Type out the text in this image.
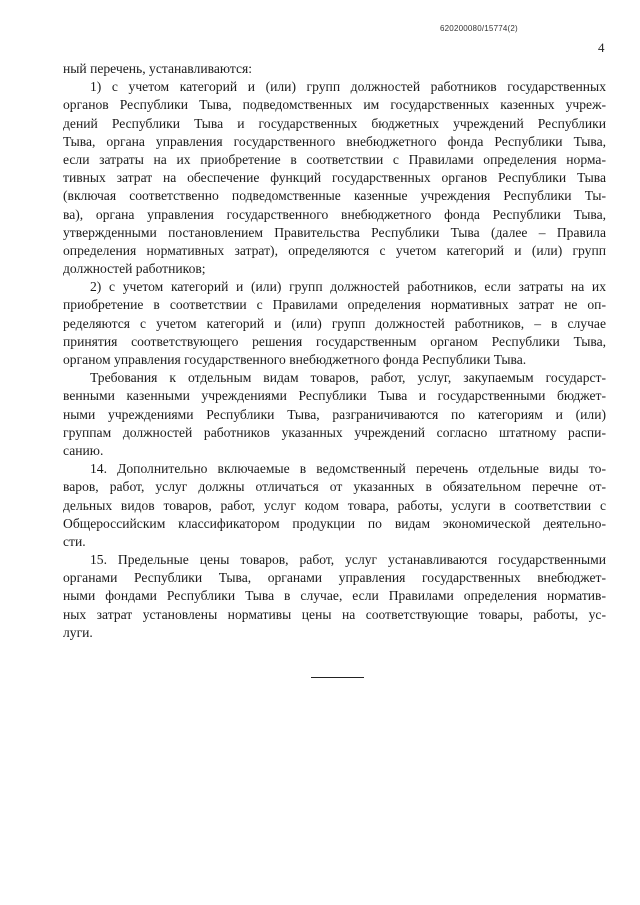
620200080/15774(2)
4
ный перечень, устанавливаются:
1) с учетом категорий и (или) групп должностей работников государственных
органов Республики Тыва, подведомственных им государственных казенных учреж-
дений Республики Тыва и государственных бюджетных учреждений Республики
Тыва, органа управления государственного внебюджетного фонда Республики Тыва,
если затраты на их приобретение в соответствии с Правилами определения норма-
тивных затрат на обеспечение функций государственных органов Республики Тыва
(включая соответственно подведомственные казенные учреждения Республики Ты-
ва), органа управления государственного внебюджетного фонда Республики Тыва,
утвержденными постановлением Правительства Республики Тыва (далее – Правила
определения нормативных затрат), определяются с учетом категорий и (или) групп
должностей работников;
2) с учетом категорий и (или) групп должностей работников, если затраты на их
приобретение в соответствии с Правилами определения нормативных затрат не оп-
ределяются с учетом категорий и (или) групп должностей работников, – в случае
принятия соответствующего решения государственным органом Республики Тыва,
органом управления государственного внебюджетного фонда Республики Тыва.
Требования к отдельным видам товаров, работ, услуг, закупаемым государст-
венными казенными учреждениями Республики Тыва и государственными бюджет-
ными учреждениями Республики Тыва, разграничиваются по категориям и (или)
группам должностей работников указанных учреждений согласно штатному распи-
санию.
14. Дополнительно включаемые в ведомственный перечень отдельные виды то-
варов, работ, услуг должны отличаться от указанных в обязательном перечне от-
дельных видов товаров, работ, услуг кодом товара, работы, услуги в соответствии с
Общероссийским классификатором продукции по видам экономической деятельно-
сти.
15. Предельные цены товаров, работ, услуг устанавливаются государственными
органами Республики Тыва, органами управления государственных внебюджет-
ными фондами Республики Тыва в случае, если Правилами определения норматив-
ных затрат установлены нормативы цены на соответствующие товары, работы, ус-
луги.
